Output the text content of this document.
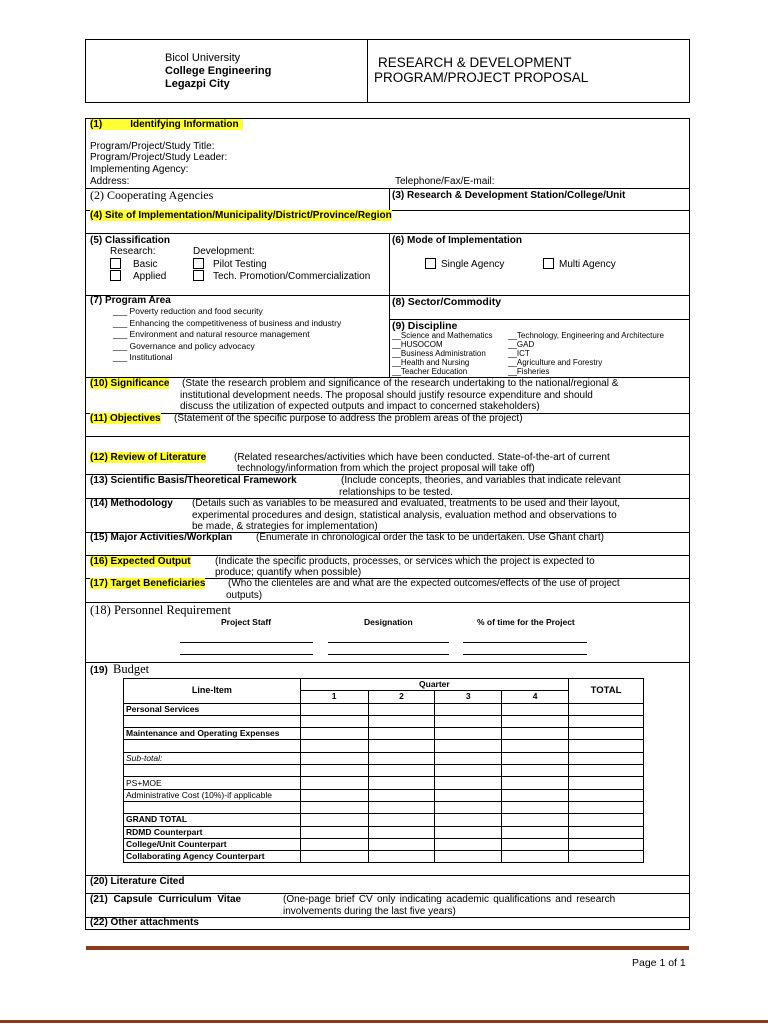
Bicol University
College Engineering
Legazpi City
RESEARCH & DEVELOPMENT
PROGRAM/PROJECT PROPOSAL
(1)	Identifying Information
Program/Project/Study Title:
Program/Project/Study Leader:
Implementing Agency:
Address:	Telephone/Fax/E-mail:
(2) Cooperating Agencies	(3) Research & Development Station/College/Unit
(4) Site of Implementation/Municipality/District/Province/Region
(5) Classification
Research:
Basic
Applied
Development:
Pilot Testing
Tech. Promotion/Commercialization
(6) Mode of Implementation
Single Agency	Multi Agency
(7) Program Area
___ Poverty reduction and food security
___ Enhancing the competitiveness of business and industry
___ Environment and natural resource management
___ Governance and policy advocacy
___ Institutional
(8) Sector/Commodity
(9) Discipline
__Science and Mathematics
__HUSOCOM
__Business Administration
__Health and Nursing
__Teacher Education
__Technology, Engineering and Architecture
__GAD
__ICT
__Agriculture and Forestry
__Fisheries
(10) Significance (State the research problem and significance of the research undertaking to the national/regional &
institutional development needs. The proposal should justify resource expenditure and should
discuss the utilization of expected outputs and impact to concerned stakeholders)
(11) Objectives (Statement of the specific purpose to address the problem areas of the project)
(12) Review of Literature	(Related researches/activities which have been conducted. State-of-the-art of current
technology/information from which the project proposal will take off)
(13) Scientific Basis/Theoretical Framework	(Include concepts, theories, and variables that indicate relevant
relationships to be tested.
(14) Methodology (Details such as variables to be measured and evaluated, treatments to be used and their layout,
experimental procedures and design, statistical analysis, evaluation method and observations to
be made, & strategies for implementation)
(15) Major Activities/Workplan (Enumerate in chronological order the task to be undertaken. Use Ghant chart)
(16) Expected Output (Indicate the specific products, processes, or services which the project is expected to
produce; quantify when possible)
(17) Target Beneficiaries (Who the clienteles are and what are the expected outcomes/effects of the use of project
outputs)
(18) Personnel Requirement
Project Staff	Designation	% of time for the Project
(19) Budget
Line-Item	Quarter				TOTAL
	1	2	3	4	
Personal Services					

Maintenance and Operating Expenses					

Sub-total:					

PS+MOE					
Administrative Cost (10%)-if applicable					

GRAND TOTAL					
RDMD Counterpart					
College/Unit Counterpart					
Collaborating Agency Counterpart					
(20) Literature Cited
(21) Capsule Curriculum Vitae	(One-page brief CV only indicating academic qualifications and research
involvements during the last five years)
(22) Other attachments
Page 1 of 1
